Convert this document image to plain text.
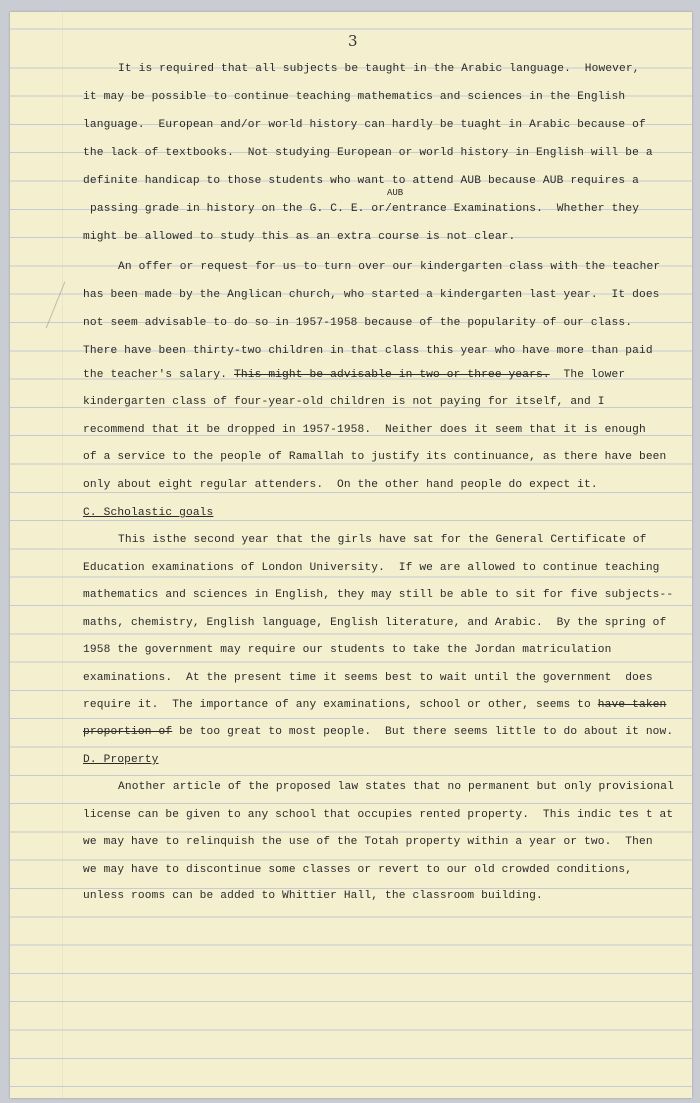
3
AUB
It is required that all subjects be taught in the Arabic language.  However,
it may be possible to continue teaching mathematics and sciences in the English
language.  European and/or world history can hardly be tuaght in Arabic because of
the lack of textbooks.  Not studying European or world history in English will be a
definite handicap to those students who want to attend AUB because AUB requires a
passing grade in history on the G. C. E. or/entrance Examinations.  Whether they
might be allowed to study this as an extra course is not clear.
An offer or request for us to turn over our kindergarten class with the teacher
has been made by the Anglican church, who started a kindergarten last year.  It does
not seem advisable to do so in 1957-1958 because of the popularity of our class.
There have been thirty-two children in that class this year who have more than paid
the teacher's salary. This might be advisable in two or three years.  The lower
kindergarten class of four-year-old children is not paying for itself, and I
recommend that it be dropped in 1957-1958.  Neither does it seem that it is enough
of a service to the people of Ramallah to justify its continuance, as there have been
only about eight regular attenders.  On the other hand people do expect it.
C. Scholastic goals
This isthe second year that the girls have sat for the General Certificate of
Education examinations of London University.  If we are allowed to continue teaching
mathematics and sciences in English, they may still be able to sit for five subjects--
maths, chemistry, English language, English literature, and Arabic.  By the spring of
1958 the government may require our students to take the Jordan matriculation
examinations.  At the present time it seems best to wait until the government  does
require it.  The importance of any examinations, school or other, seems to have taken
proportion of be too great to most people.  But there seems little to do about it now.
D. Property
Another article of the proposed law states that no permanent but only provisional
license can be given to any school that occupies rented property.  This indic tes t at
we may have to relinquish the use of the Totah property within a year or two.  Then
we may have to discontinue some classes or revert to our old crowded conditions,
unless rooms can be added to Whittier Hall, the classroom building.
